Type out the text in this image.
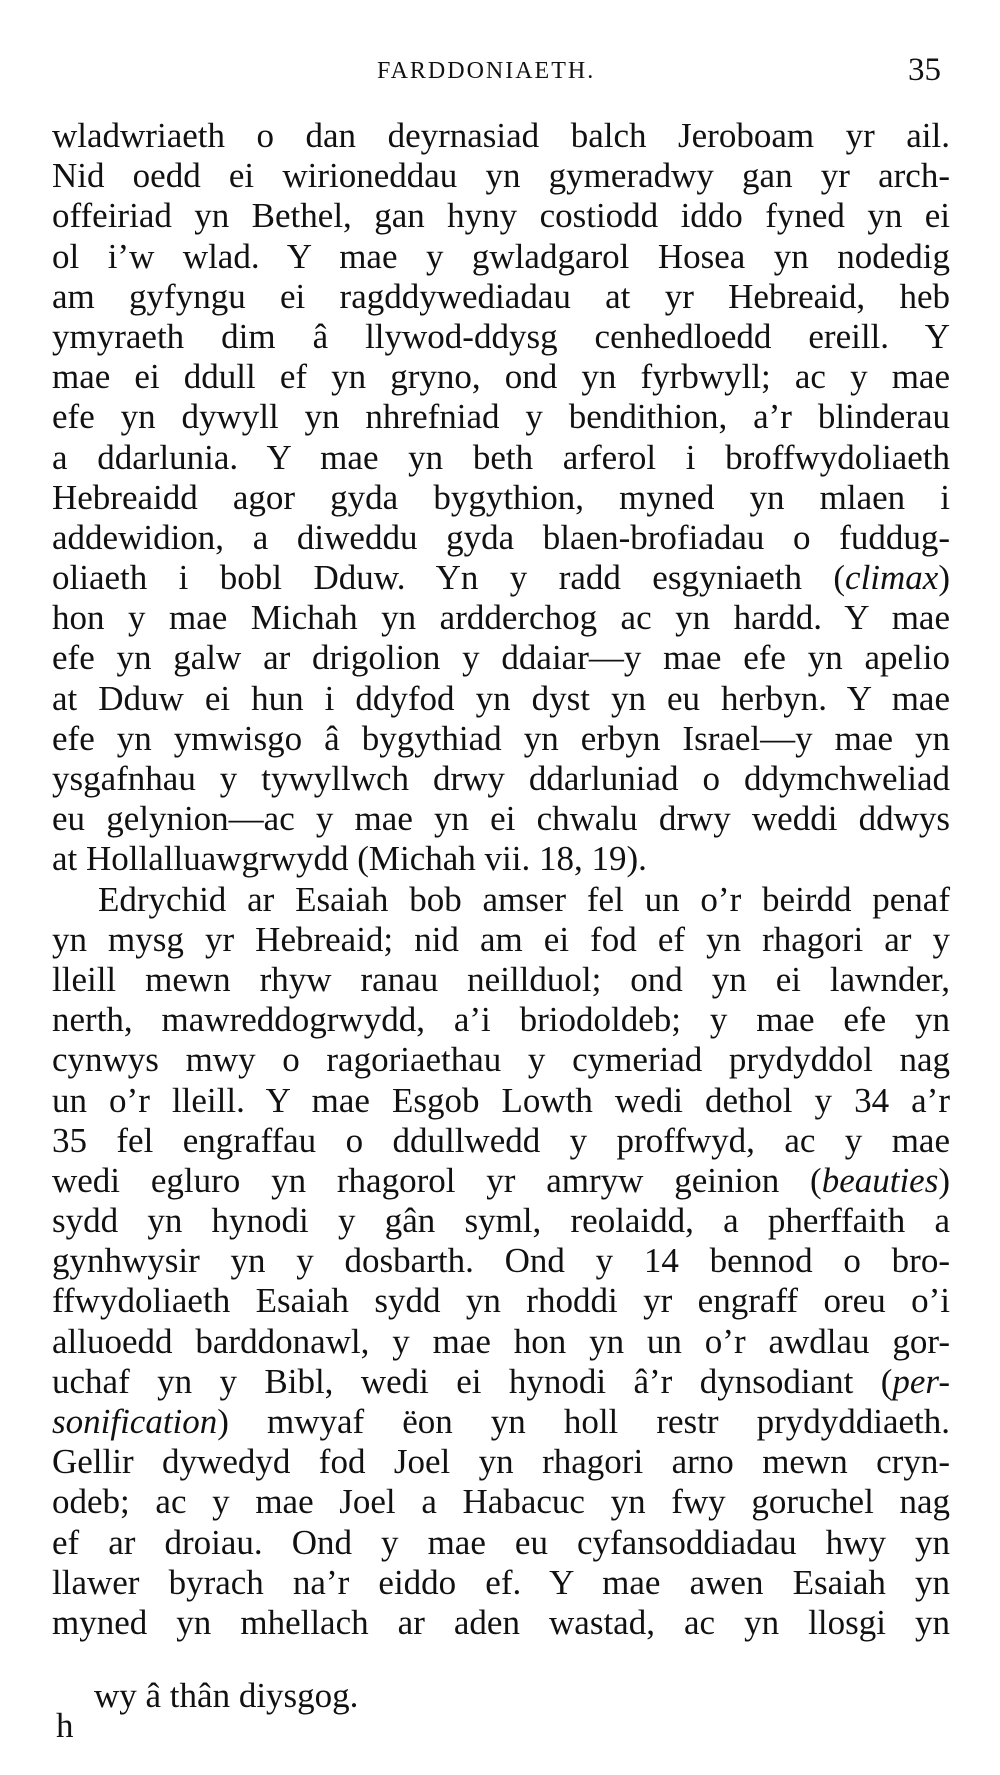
FARDDONIAETH.	35
wladwriaeth o dan deyrnasiad balch Jeroboam yr ail.
Nid oedd ei wirioneddau yn gymeradwy gan yr arch-
offeiriad yn Bethel, gan hyny costiodd iddo fyned yn ei
ol i’w wlad. Y mae y gwladgarol Hosea yn nodedig
am gyfyngu ei ragddywediadau at yr Hebreaid, heb
ymyraeth dim â llywod-ddysg cenhedloedd ereill. Y
mae ei ddull ef yn gryno, ond yn fyrbwyll; ac y mae
efe yn dywyll yn nhrefniad y bendithion, a’r blinderau
a ddarlunia. Y mae yn beth arferol i broffwydoliaeth
Hebreaidd agor gyda bygythion, myned yn mlaen i
addewidion, a diweddu gyda blaen-brofiadau o fuddug-
oliaeth i bobl Dduw. Yn y radd esgyniaeth (climax)
hon y mae Michah yn ardderchog ac yn hardd. Y mae
efe yn galw ar drigolion y ddaiar—y mae efe yn apelio
at Dduw ei hun i ddyfod yn dyst yn eu herbyn. Y mae
efe yn ymwisgo â bygythiad yn erbyn Israel—y mae yn
ysgafnhau y tywyllwch drwy ddarluniad o ddymchweliad
eu gelynion—ac y mae yn ei chwalu drwy weddi ddwys
at Hollalluawgrwydd (Michah vii. 18, 19).
Edrychid ar Esaiah bob amser fel un o’r beirdd penaf
yn mysg yr Hebreaid; nid am ei fod ef yn rhagori ar y
lleill mewn rhyw ranau neillduol; ond yn ei lawnder,
nerth, mawreddogrwydd, a’i briodoldeb; y mae efe yn
cynwys mwy o ragoriaethau y cymeriad prydyddol nag
un o’r lleill. Y mae Esgob Lowth wedi dethol y 34 a’r
35 fel engraffau o ddullwedd y proffwyd, ac y mae
wedi egluro yn rhagorol yr amryw geinion (beauties)
sydd yn hynodi y gân syml, reolaidd, a pherffaith a
gynhwysir yn y dosbarth. Ond y 14 bennod o bro-
ffwydoliaeth Esaiah sydd yn rhoddi yr engraff oreu o’i
alluoedd barddonawl, y mae hon yn un o’r awdlau gor-
uchaf yn y Bibl, wedi ei hynodi â’r dynsodiant (per-
sonification) mwyaf ëon yn holl restr prydyddiaeth.
Gellir dywedyd fod Joel yn rhagori arno mewn cryn-
odeb; ac y mae Joel a Habacuc yn fwy goruchel nag
ef ar droiau. Ond y mae eu cyfansoddiadau hwy yn
llawer byrach na’r eiddo ef. Y mae awen Esaiah yn
myned yn mhellach ar aden wastad, ac yn llosgi yn
wy â thân diysgog.
h
